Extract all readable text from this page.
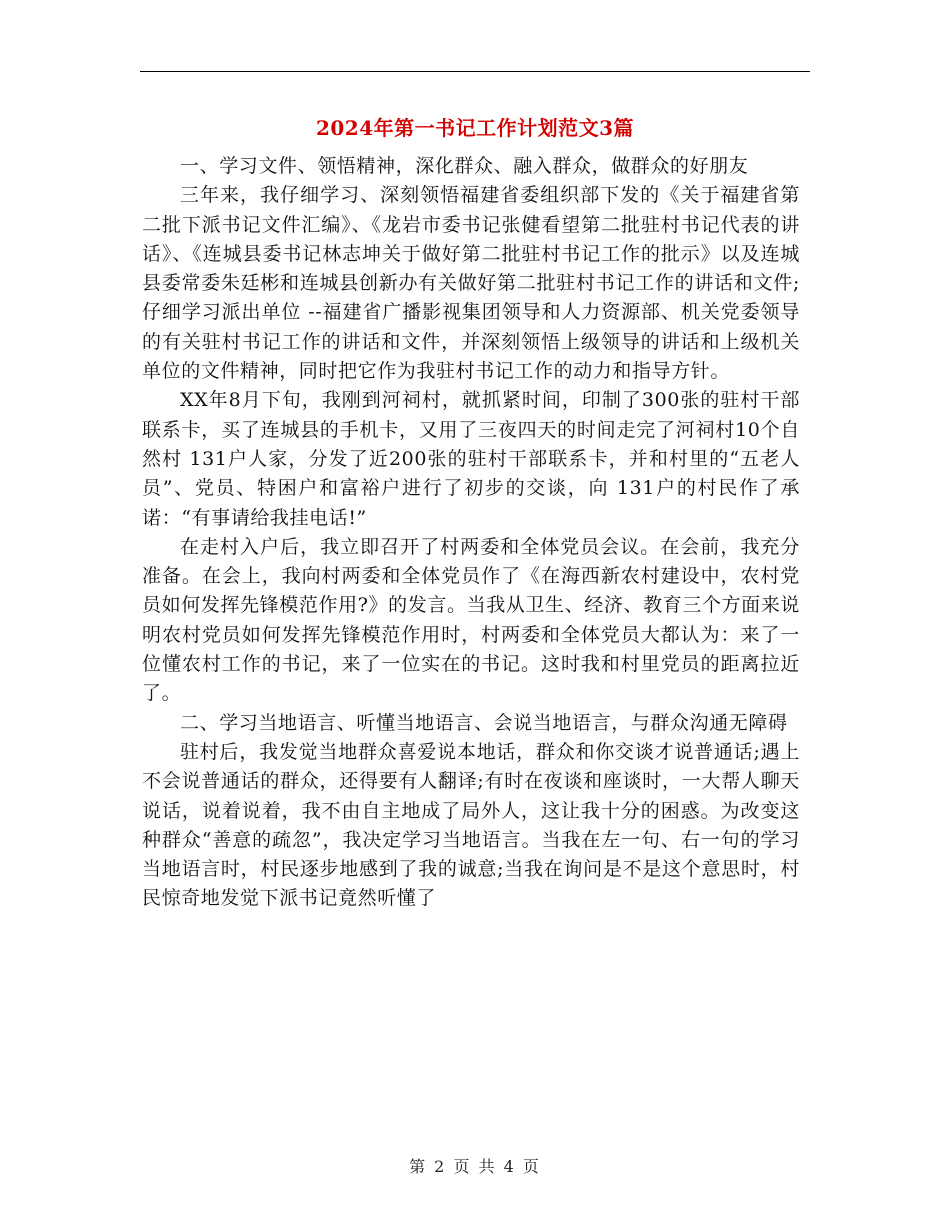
2024年第一书记工作计划范文3篇

一、学习文件、领悟精神，深化群众、融入群众，做群众的好朋友

三年来，我仔细学习、深刻领悟福建省委组织部下发的《关于福建省第二批下派书记文件汇编》、《龙岩市委书记张健看望第二批驻村书记代表的讲话》、《连城县委书记林志坤关于做好第二批驻村书记工作的批示》以及连城县委常委朱廷彬和连城县创新办有关做好第二批驻村书记工作的讲话和文件;仔细学习派出单位 --福建省广播影视集团领导和人力资源部、机关党委领导的有关驻村书记工作的讲话和文件，并深刻领悟上级领导的讲话和上级机关单位的文件精神，同时把它作为我驻村书记工作的动力和指导方针。

XX年8月下旬，我刚到河祠村，就抓紧时间，印制了300张的驻村干部联系卡，买了连城县的手机卡，又用了三夜四天的时间走完了河祠村10个自然村 131户人家，分发了近200张的驻村干部联系卡，并和村里的“五老人员”、党员、特困户和富裕户进行了初步的交谈，向 131户的村民作了承诺：“有事请给我挂电话!”

在走村入户后，我立即召开了村两委和全体党员会议。在会前，我充分准备。在会上，我向村两委和全体党员作了《在海西新农村建设中，农村党员如何发挥先锋模范作用?》的发言。当我从卫生、经济、教育三个方面来说明农村党员如何发挥先锋模范作用时，村两委和全体党员大都认为：来了一位懂农村工作的书记，来了一位实在的书记。这时我和村里党员的距离拉近了。

二、学习当地语言、听懂当地语言、会说当地语言，与群众沟通无障碍

驻村后，我发觉当地群众喜爱说本地话，群众和你交谈才说普通话;遇上不会说普通话的群众，还得要有人翻译;有时在夜谈和座谈时，一大帮人聊天说话，说着说着，我不由自主地成了局外人，这让我十分的困惑。为改变这种群众“善意的疏忽”，我决定学习当地语言。当我在左一句、右一句的学习当地语言时，村民逐步地感到了我的诚意;当我在询问是不是这个意思时，村民惊奇地发觉下派书记竟然听懂了

第 2 页 共 4 页
